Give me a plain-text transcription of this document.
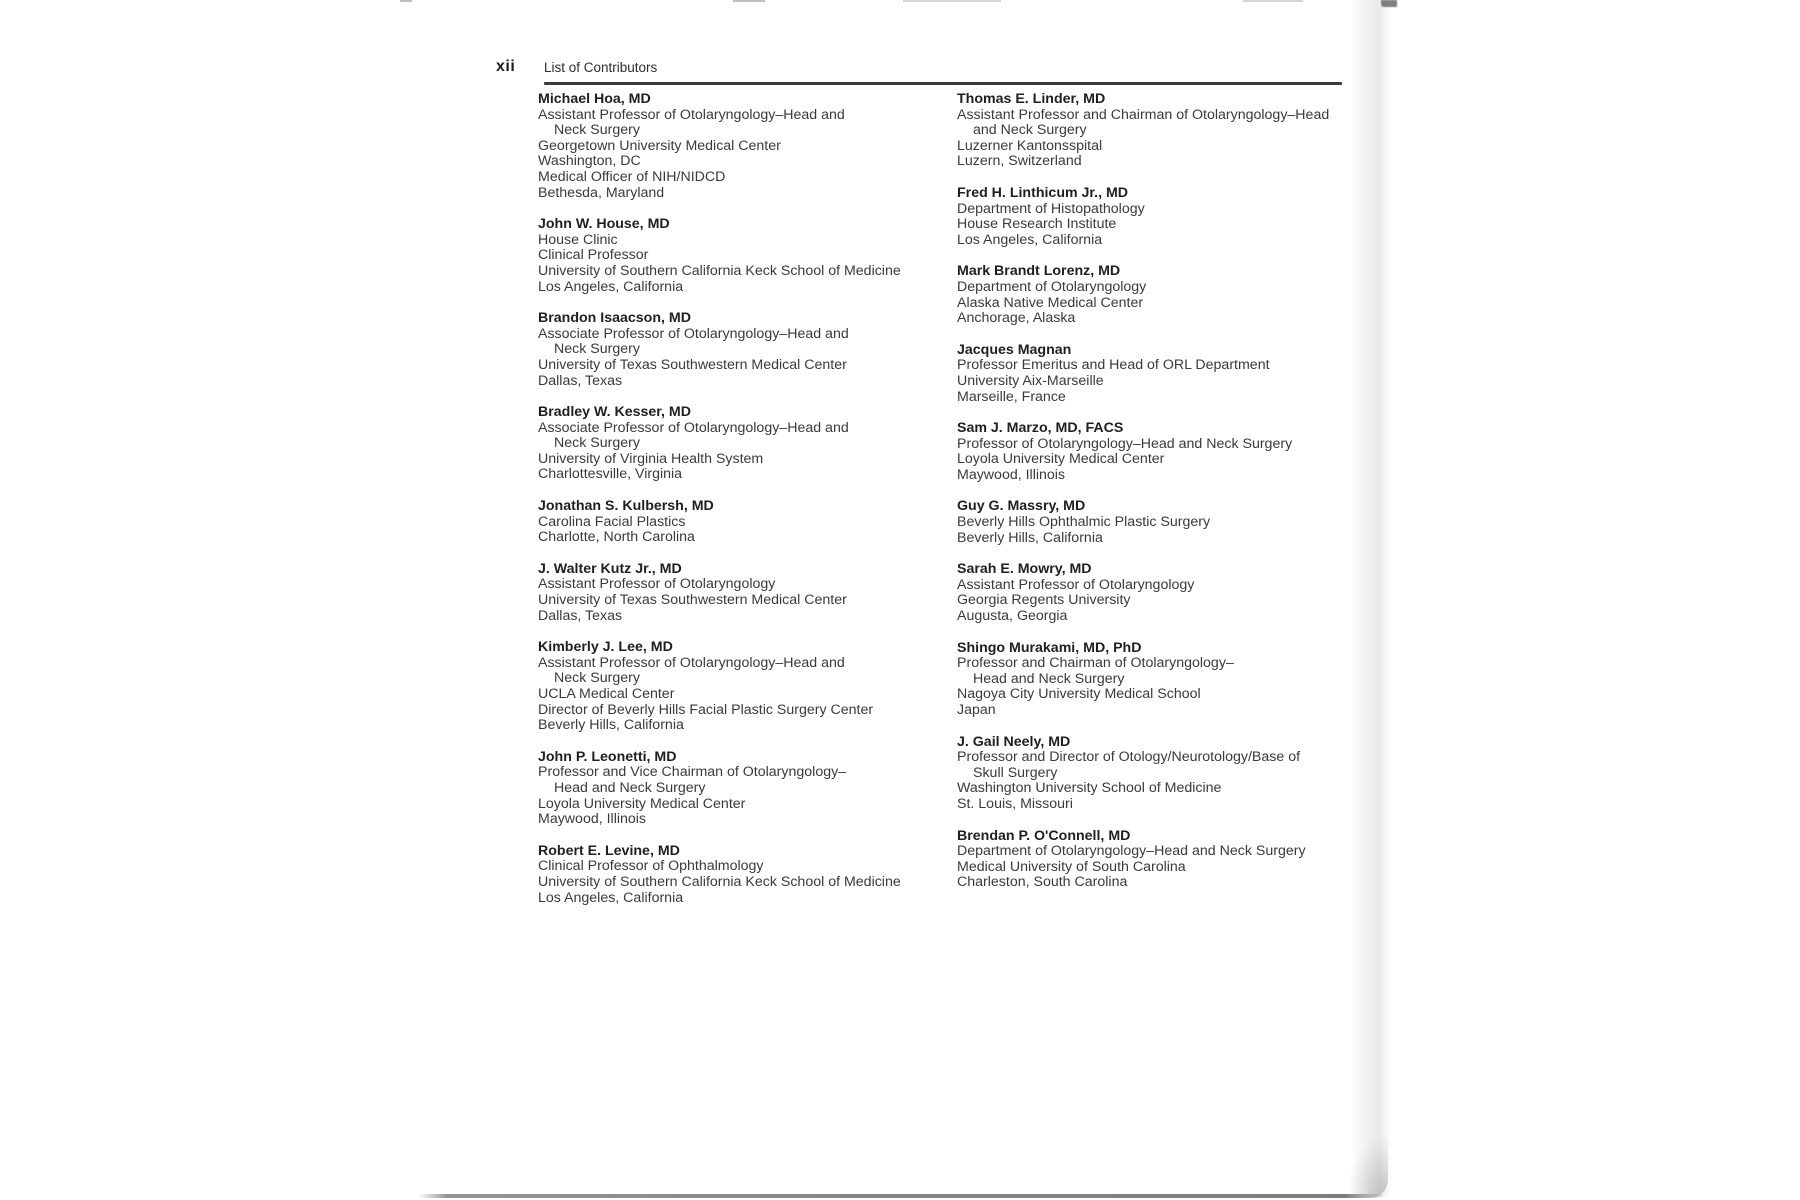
xii List of Contributors
Michael Hoa, MD
Assistant Professor of Otolaryngology–Head and
Neck Surgery
Georgetown University Medical Center
Washington, DC
Medical Officer of NIH/NIDCD
Bethesda, Maryland
John W. House, MD
House Clinic
Clinical Professor
University of Southern California Keck School of Medicine
Los Angeles, California
Brandon Isaacson, MD
Associate Professor of Otolaryngology–Head and
Neck Surgery
University of Texas Southwestern Medical Center
Dallas, Texas
Bradley W. Kesser, MD
Associate Professor of Otolaryngology–Head and
Neck Surgery
University of Virginia Health System
Charlottesville, Virginia
Jonathan S. Kulbersh, MD
Carolina Facial Plastics
Charlotte, North Carolina
J. Walter Kutz Jr., MD
Assistant Professor of Otolaryngology
University of Texas Southwestern Medical Center
Dallas, Texas
Kimberly J. Lee, MD
Assistant Professor of Otolaryngology–Head and
Neck Surgery
UCLA Medical Center
Director of Beverly Hills Facial Plastic Surgery Center
Beverly Hills, California
John P. Leonetti, MD
Professor and Vice Chairman of Otolaryngology–
Head and Neck Surgery
Loyola University Medical Center
Maywood, Illinois
Robert E. Levine, MD
Clinical Professor of Ophthalmology
University of Southern California Keck School of Medicine
Los Angeles, California
Thomas E. Linder, MD
Assistant Professor and Chairman of Otolaryngology–Head
and Neck Surgery
Luzerner Kantonsspital
Luzern, Switzerland
Fred H. Linthicum Jr., MD
Department of Histopathology
House Research Institute
Los Angeles, California
Mark Brandt Lorenz, MD
Department of Otolaryngology
Alaska Native Medical Center
Anchorage, Alaska
Jacques Magnan
Professor Emeritus and Head of ORL Department
University Aix-Marseille
Marseille, France
Sam J. Marzo, MD, FACS
Professor of Otolaryngology–Head and Neck Surgery
Loyola University Medical Center
Maywood, Illinois
Guy G. Massry, MD
Beverly Hills Ophthalmic Plastic Surgery
Beverly Hills, California
Sarah E. Mowry, MD
Assistant Professor of Otolaryngology
Georgia Regents University
Augusta, Georgia
Shingo Murakami, MD, PhD
Professor and Chairman of Otolaryngology–
Head and Neck Surgery
Nagoya City University Medical School
Japan
J. Gail Neely, MD
Professor and Director of Otology/Neurotology/Base of
Skull Surgery
Washington University School of Medicine
St. Louis, Missouri
Brendan P. O'Connell, MD
Department of Otolaryngology–Head and Neck Surgery
Medical University of South Carolina
Charleston, South Carolina
